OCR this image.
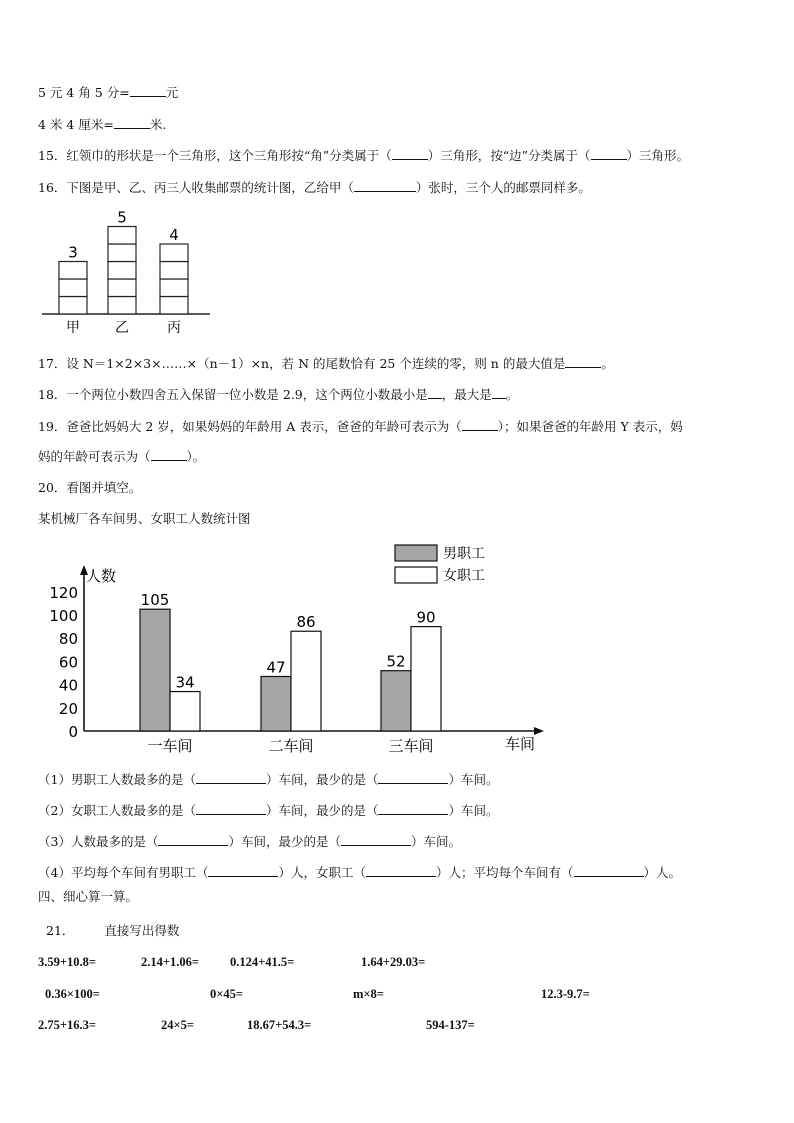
5 元 4 角 5 分=	元
4 米 4 厘米=	米.
15．红领巾的形状是一个三角形，这个三角形按“角”分类属于（	）三角形，按“边”分类属于（	）三角形。
16．下图是甲、乙、丙三人收集邮票的统计图，乙给甲（	）张时，三个人的邮票同样多。
3
甲
5
乙
4
丙
17．设 N＝1×2×3×……×（n－1）×n，若 N 的尾数恰有 25 个连续的零，则 n 的最大值是	。
18．一个两位小数四舍五入保留一位小数是 2.9，这个两位小数最小是 ，最大是 。
19．爸爸比妈妈大 2 岁，如果妈妈的年龄用 A 表示，爸爸的年龄可表示为（	）；如果爸爸的年龄用 Y 表示，妈
妈的年龄可表示为（	）。
20．看图并填空。
某机械厂各车间男、女职工人数统计图
人数
0
20
40
60
80
100
120	105
34
一车间
47
86
二车间
52
90
三车间	车间
男职工
女职工
（1）男职工人数最多的是（	）车间，最少的是（	）车间。
（2）女职工人数最多的是（	）车间，最少的是（	）车间。
（3）人数最多的是（	）车间，最少的是（	）车间。
（4）平均每个车间有男职工（	）人，女职工（	）人；平均每个车间有（	）人。
四、细心算一算。
21． 直接写出得数
3.59+10.8=	2.14+1.06= 0.124+41.5=	1.64+29.03=
0.36×100=	0×45=	m×8=	12.3-9.7=
2.75+16.3=	24×5=	18.67+54.3=	594-137=
